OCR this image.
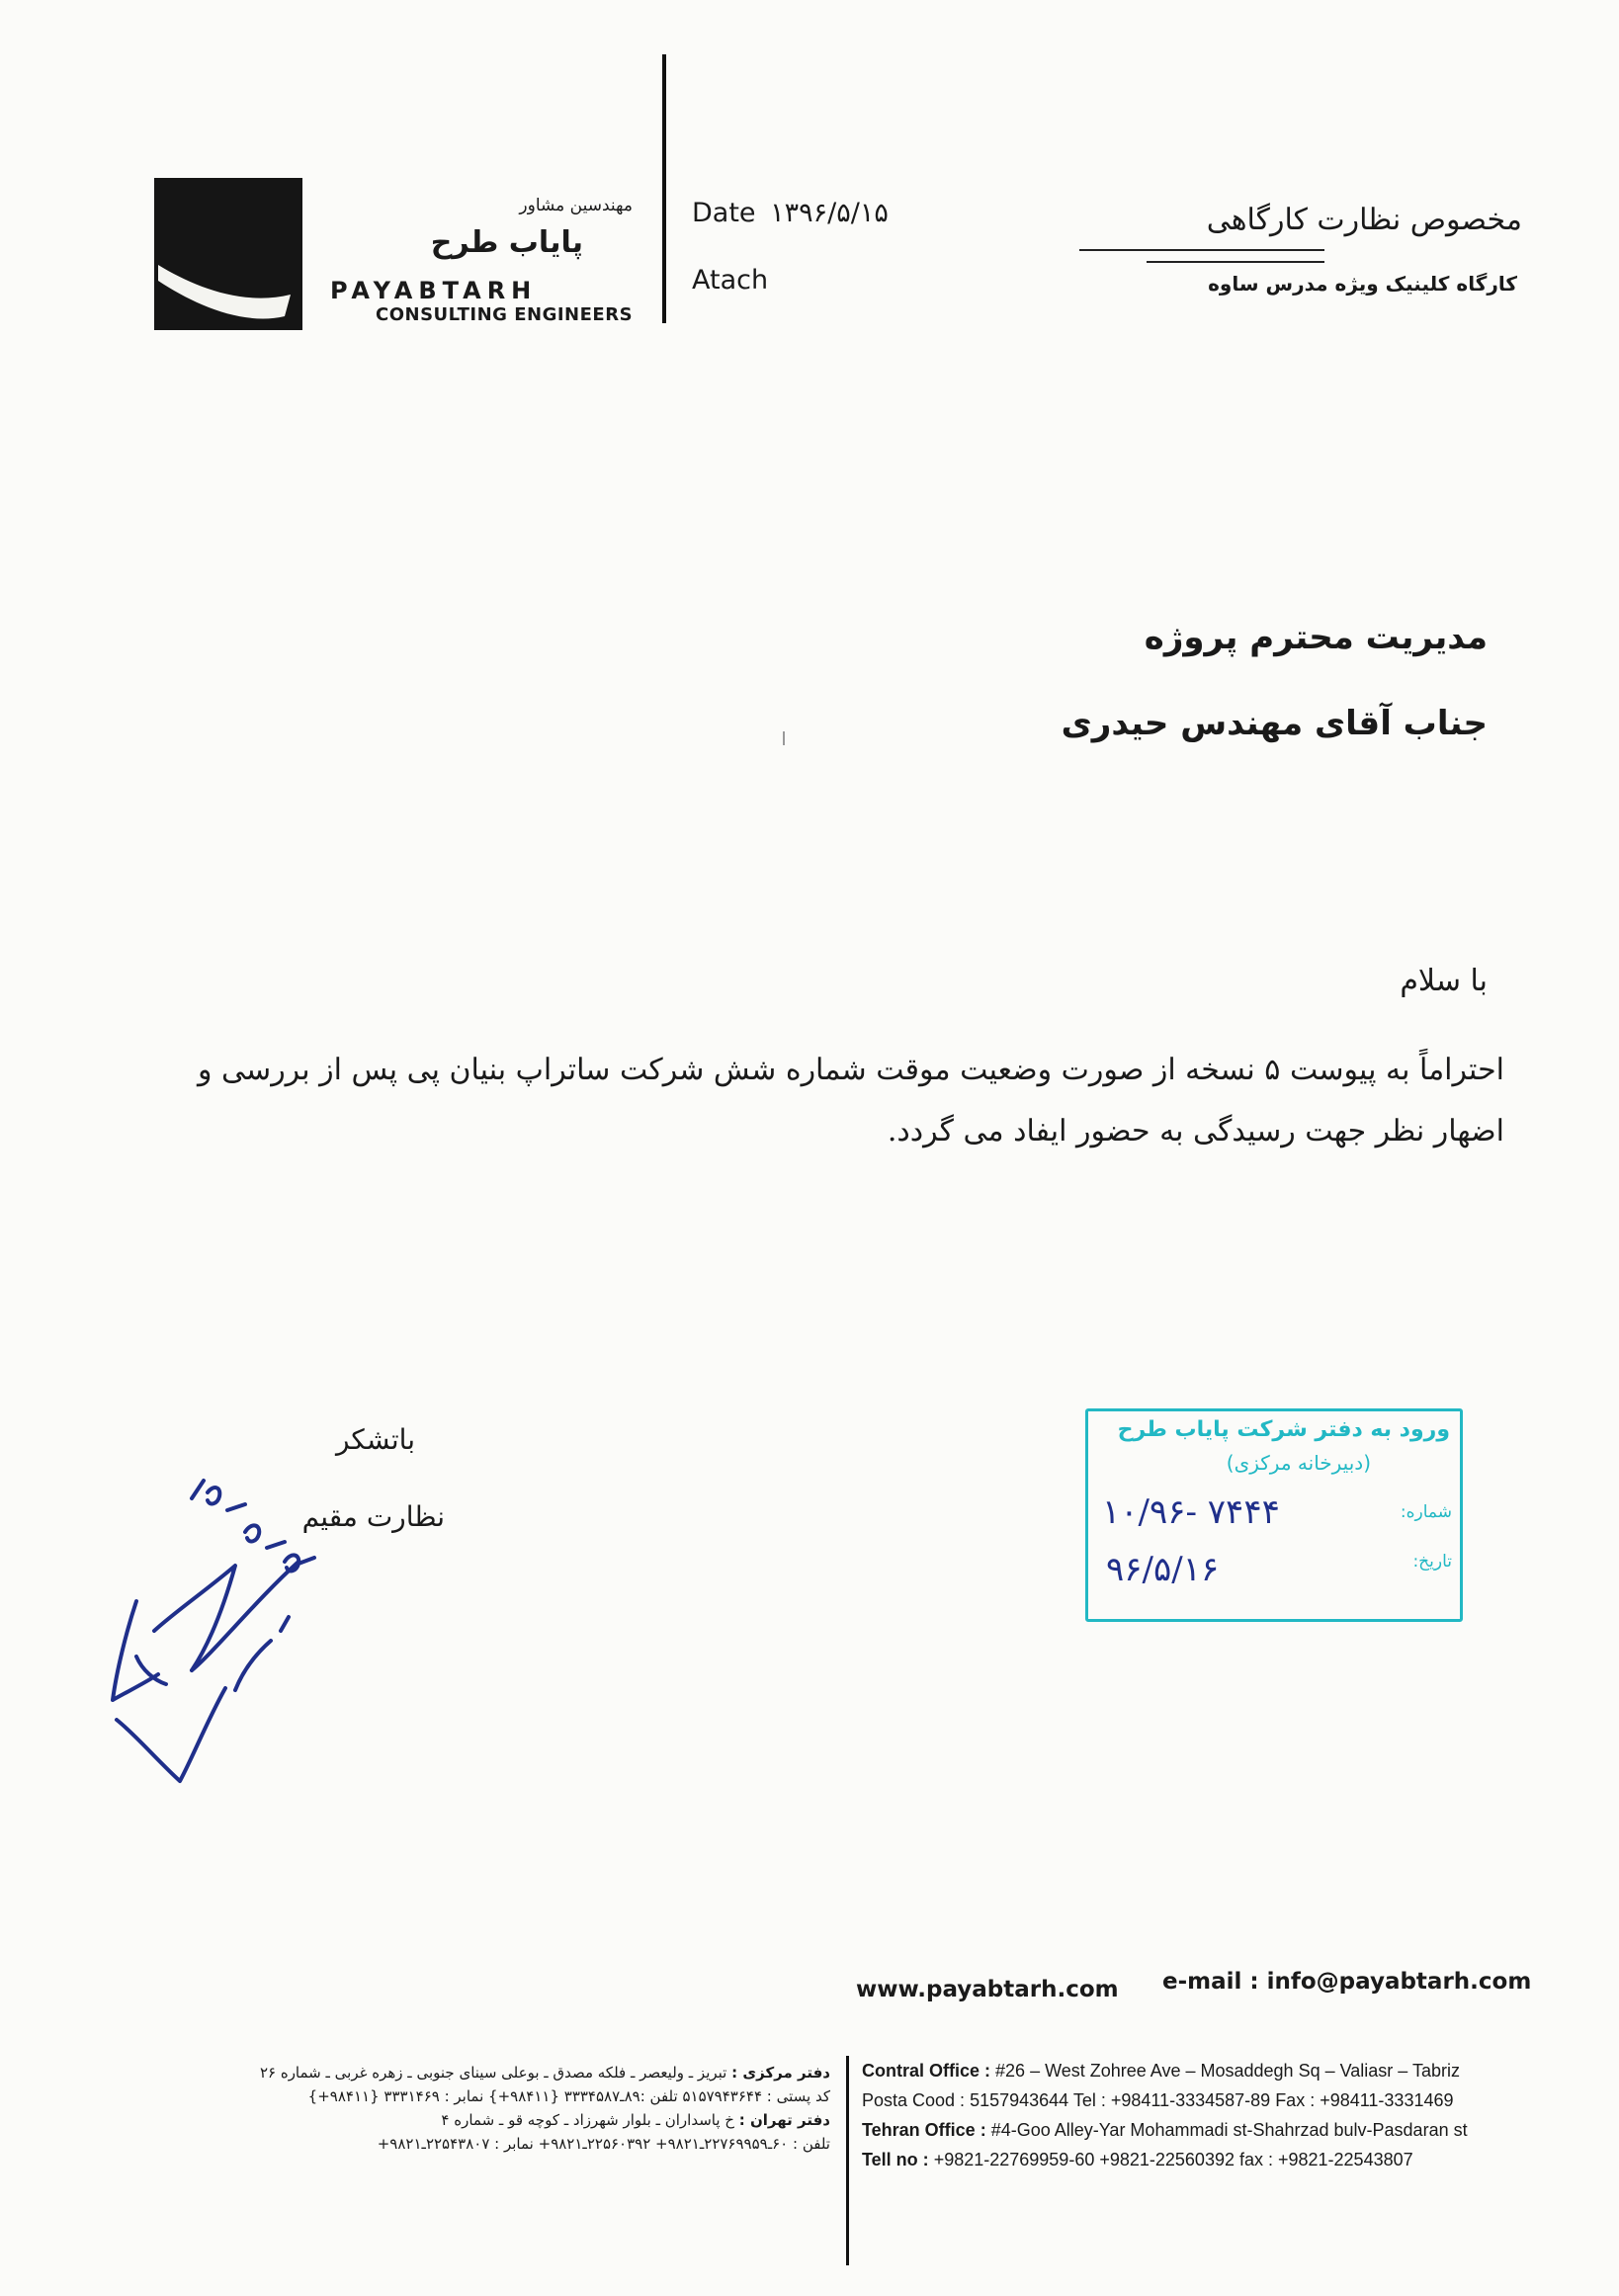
مهندسین مشاور
پایاب طرح
PAYABTARH
CONSULTING ENGINEERS
Date ۱۳۹۶/۵/۱۵
Atach
مخصوص نظارت کارگاهی
کارگاه کلینیک ویژه مدرس ساوه
مدیریت محترم پروژه
جناب آقای مهندس حیدری
با سلام
احتراماً به پیوست ۵ نسخه از صورت وضعیت موقت شماره شش شرکت ساتراپ بنیان پی پس از بررسی و اضهار نظر جهت رسیدگی به حضور ایفاد می گردد.
باتشکر
نظارت مقیم
ورود به دفتر شرکت پایاب طرح
(دبیرخانه مرکزی)
شماره:
تاریخ:
۱۰/۹۶- ۷۴۴۴
۹۶/۵/۱۶
www.payabtarh.com e-mail : info@payabtarh.com
Contral Office : #26 – West Zohree Ave – Mosaddegh Sq – Valiasr – Tabriz
Posta Cood : 5157943644 Tel : +98411-3334587-89 Fax : +98411-3331469
Tehran Office : #4-Goo Alley-Yar Mohammadi st-Shahrzad bulv-Pasdaran st
Tell no : +9821-22769959-60 +9821-22560392 fax : +9821-22543807
دفتر مرکزی : تبریز ـ ولیعصر ـ فلکه مصدق ـ بوعلی سینای جنوبی ـ زهره غربی ـ شماره ۲۶
کد پستی : ۵۱۵۷۹۴۳۶۴۴ تلفن :۸۹ـ۳۳۳۴۵۸۷ {۹۸۴۱۱+} نمابر : ۳۳۳۱۴۶۹ {۹۸۴۱۱+}
دفتر تهران : خ پاسداران ـ بلوار شهرزاد ـ کوچه قو ـ شماره ۴
تلفن : ۶۰ـ۲۲۷۶۹۹۵۹ـ۹۸۲۱+ ۲۲۵۶۰۳۹۲ـ۹۸۲۱+ نمابر : ۲۲۵۴۳۸۰۷ـ۹۸۲۱+
